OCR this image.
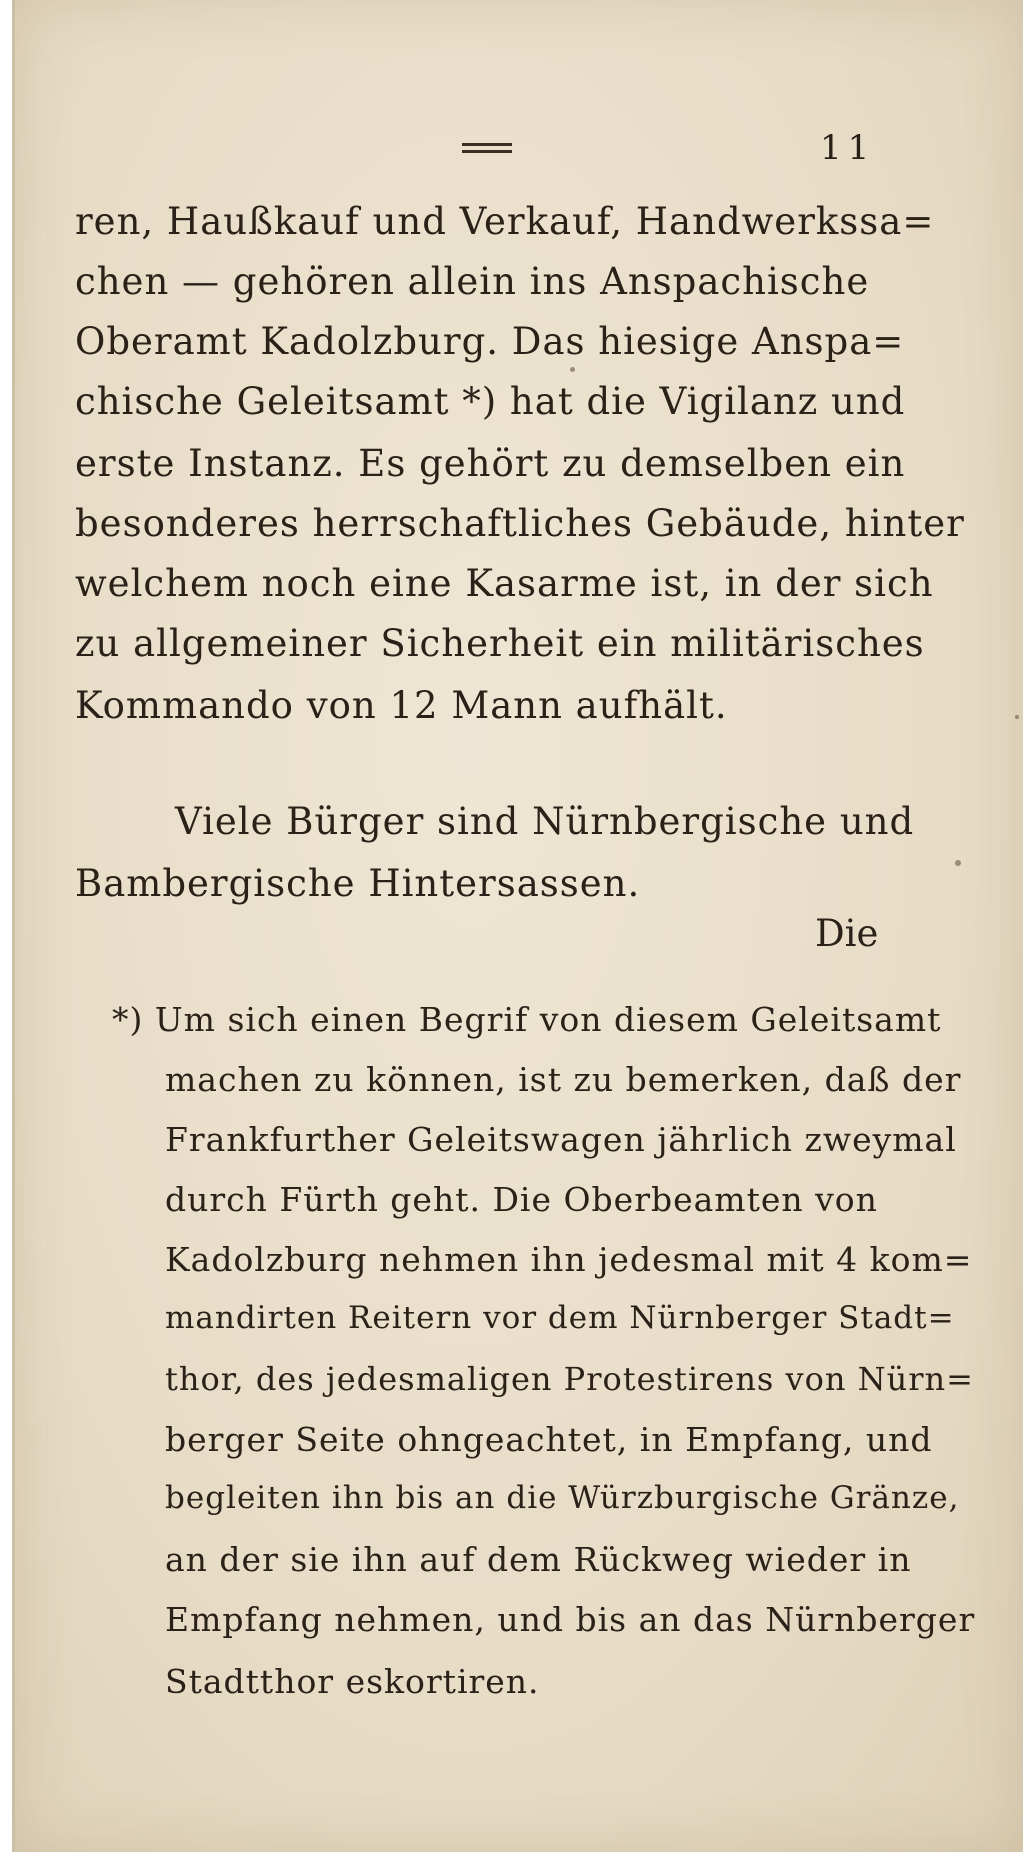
11
ren, Haußkauf und Verkauf, Handwerkssa=
chen — gehören allein ins Anspachische
Oberamt Kadolzburg. Das hiesige Anspa=
chische Geleitsamt *) hat die Vigilanz und
erste Instanz. Es gehört zu demselben ein
besonderes herrschaftliches Gebäude, hinter
welchem noch eine Kasarme ist, in der sich
zu allgemeiner Sicherheit ein militärisches
Kommando von 12 Mann aufhält.
Viele Bürger sind Nürnbergische und
Bambergische Hintersassen.
Die
*) Um sich einen Begrif von diesem Geleitsamt
machen zu können, ist zu bemerken, daß der
Frankfurther Geleitswagen jährlich zweymal
durch Fürth geht. Die Oberbeamten von
Kadolzburg nehmen ihn jedesmal mit 4 kom=
mandirten Reitern vor dem Nürnberger Stadt=
thor, des jedesmaligen Protestirens von Nürn=
berger Seite ohngeachtet, in Empfang, und
begleiten ihn bis an die Würzburgische Gränze,
an der sie ihn auf dem Rückweg wieder in
Empfang nehmen, und bis an das Nürnberger
Stadtthor eskortiren.
